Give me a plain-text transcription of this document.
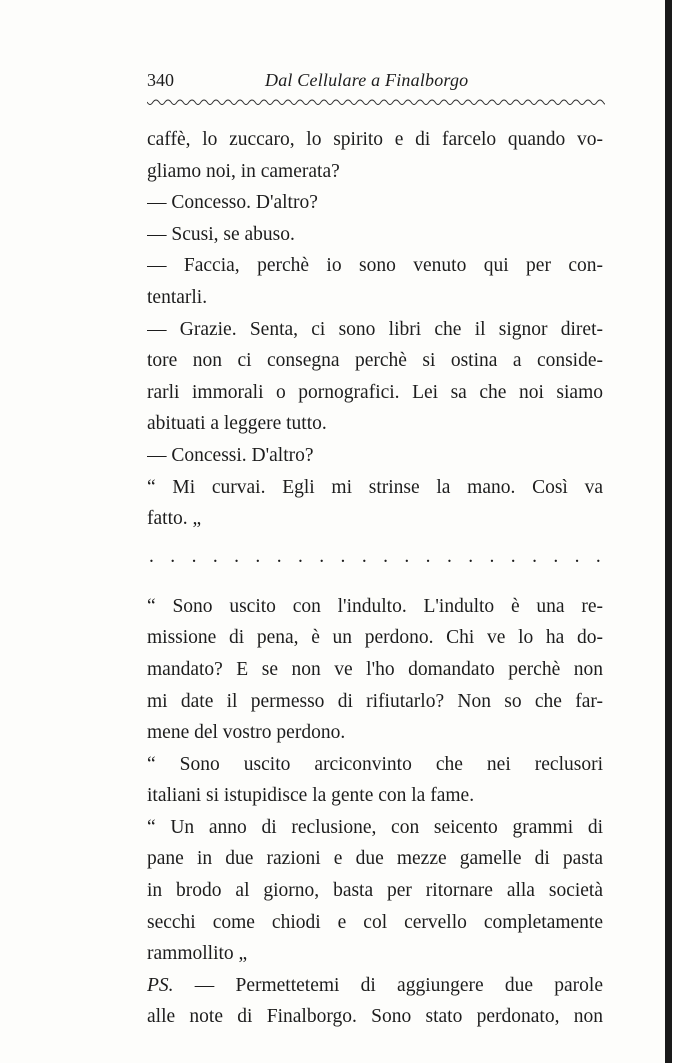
340	Dal Cellulare a Finalborgo
caffè, lo zuccaro, lo spirito e di farcelo quando vo-
gliamo noi, in camerata?
— Concesso. D'altro?
— Scusi, se abuso.
— Faccia, perchè io sono venuto qui per con-
tentarli.
— Grazie. Senta, ci sono libri che il signor diret-
tore non ci consegna perchè si ostina a conside-
rarli immorali o pornografici. Lei sa che noi siamo
abituati a leggere tutto.
— Concessi. D'altro?
“ Mi curvai. Egli mi strinse la mano. Così va
fatto. „
. . . . . . . . . . . . . . . . . . . . . .
“ Sono uscito con l'indulto. L'indulto è una re-
missione di pena, è un perdono. Chi ve lo ha do-
mandato? E se non ve l'ho domandato perchè non
mi date il permesso di rifiutarlo? Non so che far-
mene del vostro perdono.
“ Sono uscito arciconvinto che nei reclusori
italiani si istupidisce la gente con la fame.
“ Un anno di reclusione, con seicento grammi di
pane in due razioni e due mezze gamelle di pasta
in brodo al giorno, basta per ritornare alla società
secchi come chiodi e col cervello completamente
rammollito „
PS. — Permettetemi di aggiungere due parole
alle note di Finalborgo. Sono stato perdonato, non
